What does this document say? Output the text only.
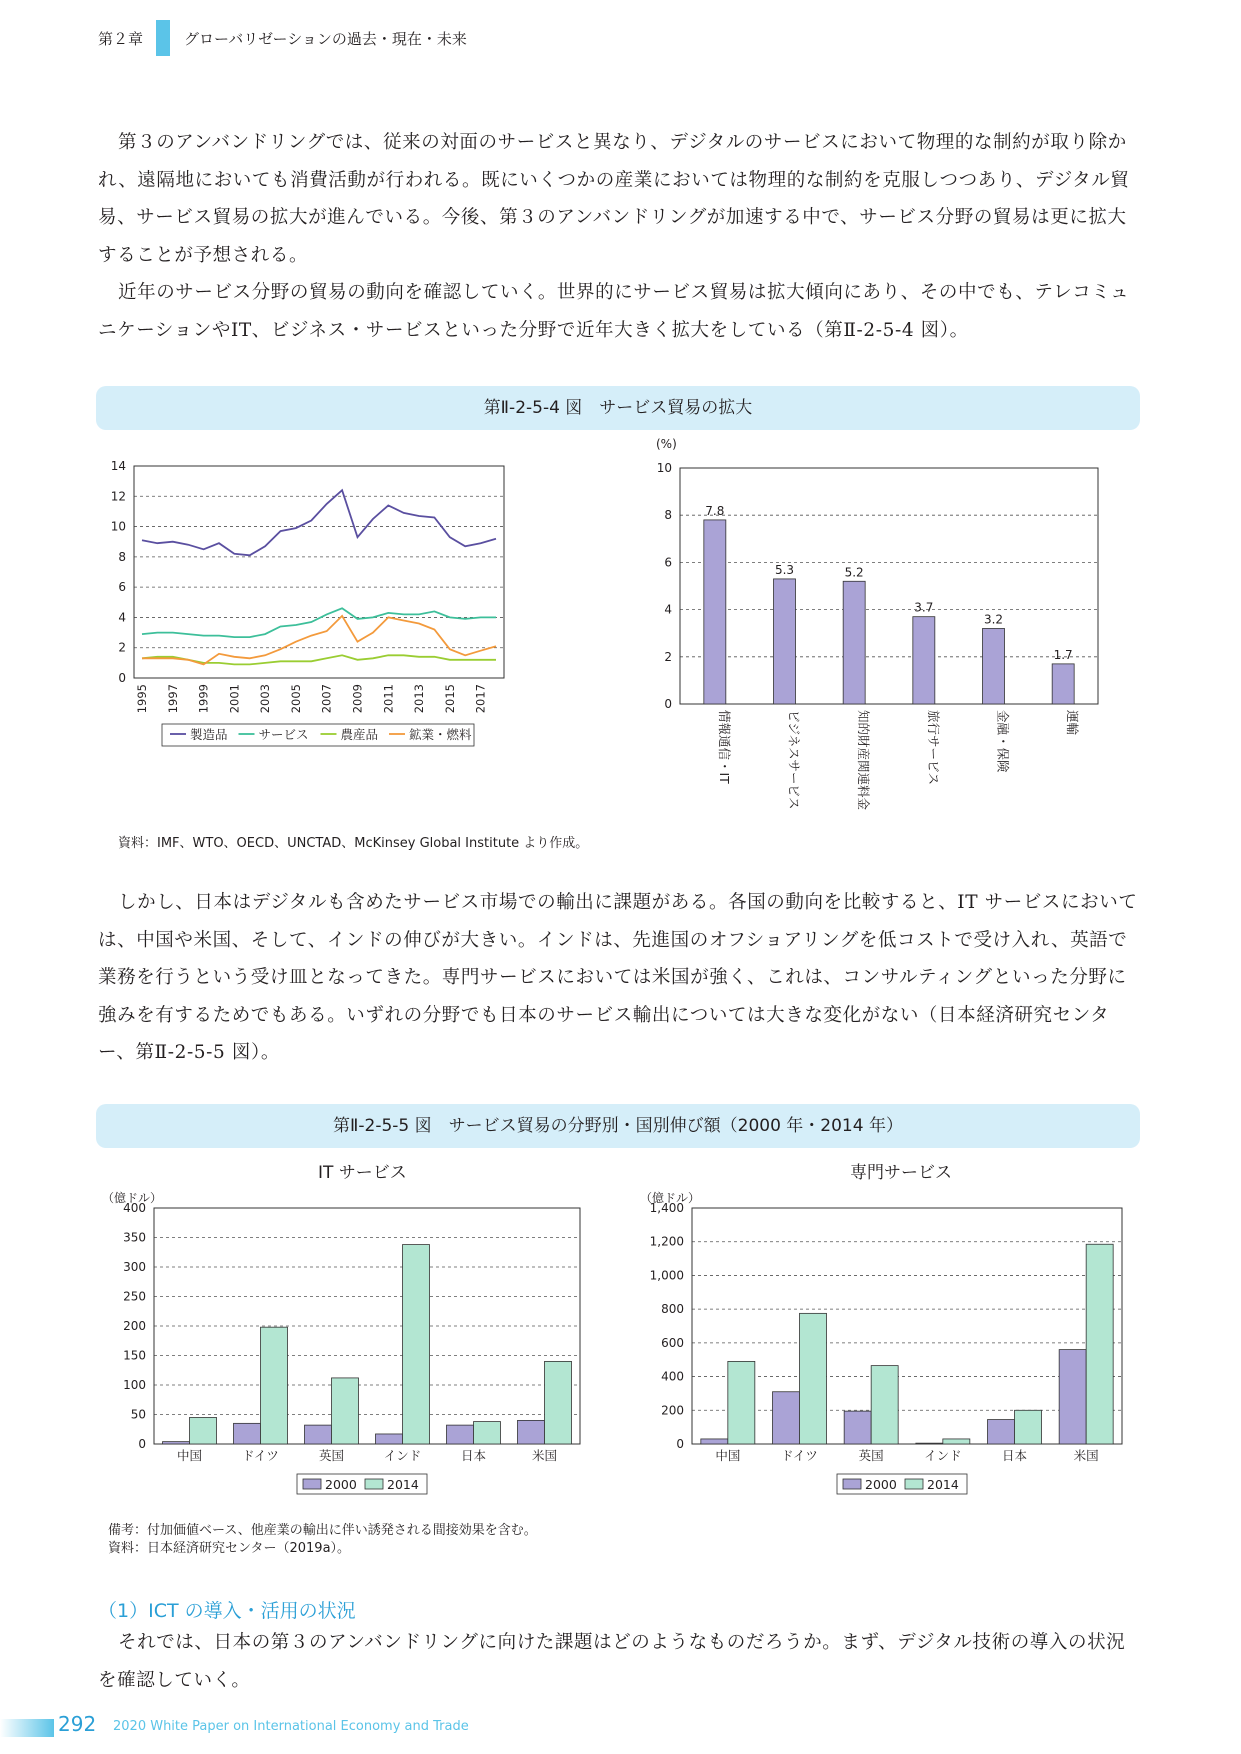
第２章	グローバリゼーションの過去・現在・未来

第３のアンバンドリングでは、従来の対面のサービスと異なり、デジタルのサービスにおいて物理的な制約が取り除かれ、遠隔地においても消費活動が行われる。既にいくつかの産業においては物理的な制約を克服しつつあり、デジタル貿易、サービス貿易の拡大が進んでいる。今後、第３のアンバンドリングが加速する中で、サービス分野の貿易は更に拡大することが予想される。

近年のサービス分野の貿易の動向を確認していく。世界的にサービス貿易は拡大傾向にあり、その中でも、テレコミュニケーションやIT、ビジネス・サービスといった分野で近年大きく拡大をしている（第Ⅱ-2-5-4 図）。

第Ⅱ-2-5-4 図　サービス貿易の拡大
0
2
4
6
8
10
12
14
1995 1997 1999 2001 2003 2005 2007 2009 2011 2013 2015 2017
製造品 サービス	農産品 鉱業・燃料
(%)
0
2
4
6
8
10
7.8
情報通信・IT
5.3
ビジネスサービス
5.2
知的財産関連料金
3.7
旅行サービス
3.2
金融・保険
1.7
運輸
資料：IMF、WTO、OECD、UNCTAD、McKinsey Global Institute より作成。

しかし、日本はデジタルも含めたサービス市場での輸出に課題がある。各国の動向を比較すると、IT サービスにおいては、中国や米国、そして、インドの伸びが大きい。インドは、先進国のオフショアリングを低コストで受け入れ、英語で業務を行うという受け皿となってきた。専門サービスにおいては米国が強く、これは、コンサルティングといった分野に強みを有するためでもある。いずれの分野でも日本のサービス輸出については大きな変化がない（日本経済研究センター、第Ⅱ-2-5-5 図）。

第Ⅱ-2-5-5 図　サービス貿易の分野別・国別伸び額（2000 年・2014 年）
IT サービス	専門サービス
（億ドル）
0
50
100
150
200
250
300
350
400
中国	ドイツ	英国	インド	日本	米国
2000 2014
（億ドル）
0
200
400
600
800
1,000
1,200
1,400
中国	ドイツ	英国	インド	日本	米国
2000 2014
備考：付加価値ベース、他産業の輸出に伴い誘発される間接効果を含む。
資料：日本経済研究センター（2019a）。
（1）ICT の導入・活用の状況

それでは、日本の第３のアンバンドリングに向けた課題はどのようなものだろうか。まず、デジタル技術の導入の状況を確認していく。

292 2020 White Paper on International Economy and Trade
